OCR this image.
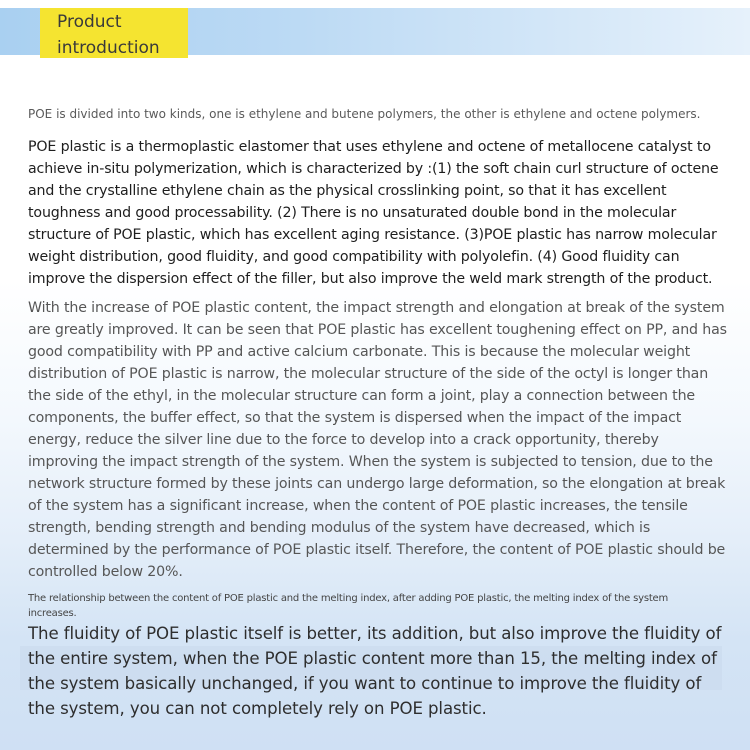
Product
introduction
POE is divided into two kinds, one is ethylene and butene polymers, the other is ethylene and octene polymers.
POE plastic is a thermoplastic elastomer that uses ethylene and octene of metallocene catalyst to achieve in-situ polymerization, which is characterized by :(1) the soft chain curl structure of octene and the crystalline ethylene chain as the physical crosslinking point, so that it has excellent toughness and good processability. (2) There is no unsaturated double bond in the molecular structure of POE plastic, which has excellent aging resistance. (3)POE plastic has narrow molecular weight distribution, good fluidity, and good compatibility with polyolefin. (4) Good fluidity can improve the dispersion effect of the filler, but also improve the weld mark strength of the product.
With the increase of POE plastic content, the impact strength and elongation at break of the system are greatly improved. It can be seen that POE plastic has excellent toughening effect on PP, and has good compatibility with PP and active calcium carbonate. This is because the molecular weight distribution of POE plastic is narrow, the molecular structure of the side of the octyl is longer than the side of the ethyl, in the molecular structure can form a joint, play a connection between the components, the buffer effect, so that the system is dispersed when the impact of the impact energy, reduce the silver line due to the force to develop into a crack opportunity, thereby improving the impact strength of the system. When the system is subjected to tension, due to the network structure formed by these joints can undergo large deformation, so the elongation at break of the system has a significant increase, when the content of POE plastic increases, the tensile strength, bending strength and bending modulus of the system have decreased, which is determined by the performance of POE plastic itself. Therefore, the content of POE plastic should be controlled below 20%.
The relationship between the content of POE plastic and the melting index, after adding POE plastic, the melting index of the system increases.
The fluidity of POE plastic itself is better, its addition, but also improve the fluidity of the entire system, when the POE plastic content more than 15, the melting index of the system basically unchanged, if you want to continue to improve the fluidity of the system, you can not completely rely on POE plastic.
